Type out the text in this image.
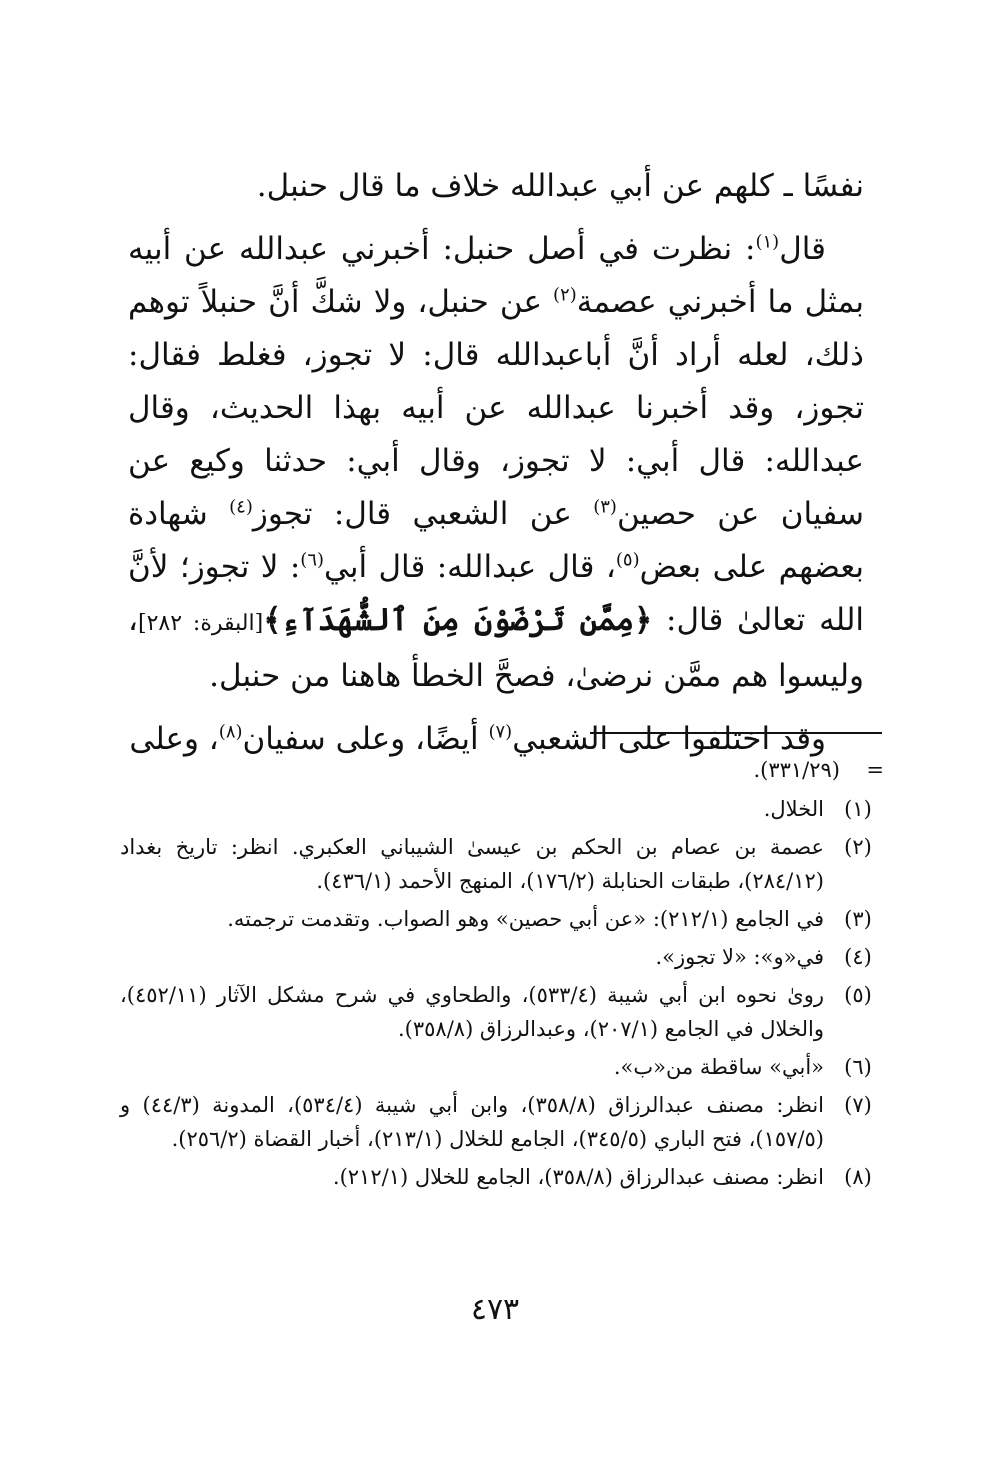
نفسًا ـ كلهم عن أبي عبدالله خلاف ما قال حنبل.

قال$^{(١)}$: نظرت في أصل حنبل: أخبرني عبدالله عن أبيه بمثل ما أخبرني عصمة$^{(٢)}$ عن حنبل، ولا شكَّ أنَّ حنبلاً توهم ذلك، لعله أراد أنَّ أباعبدالله قال: لا تجوز، فغلط فقال: تجوز، وقد أخبرنا عبدالله عن أبيه بهذا الحديث، وقال عبدالله: قال أبي: لا تجوز، وقال أبي: حدثنا وكيع عن سفيان عن حصين$^{(٣)}$ عن الشعبي قال: تجوز$^{(٤)}$ شهادة بعضهم على بعض$^{(٥)}$، قال عبدالله: قال أبي$^{(٦)}$: لا تجوز؛ لأنَّ الله تعالىٰ قال: ﴿مِمَّن تَرْضَوْنَ مِنَ ٱلشُّهَدَآءِ﴾[البقرة: ٢٨٢]، وليسوا هم ممَّن نرضىٰ، فصحَّ الخطأ هاهنا من حنبل.

وقد اختلفوا على الشعبي$^{(٧)}$ أيضًا، وعلى سفيان$^{(٨)}$، وعلى

=
(٣٣١/٢٩).
(١)
الخلال.
(٢)
عصمة بن عصام بن الحكم بن عيسىٰ الشيباني العكبري. انظر: تاريخ بغداد (٢٨٤/١٢)، طبقات الحنابلة (١٧٦/٢)، المنهج الأحمد (٤٣٦/١).
(٣)
في الجامع (٢١٢/١): «عن أبي حصين» وهو الصواب. وتقدمت ترجمته.
(٤)
في«و»: «لا تجوز».
(٥)
رویٰ نحوه ابن أبي شيبة (٥٣٣/٤)، والطحاوي في شرح مشكل الآثار (٤٥٢/١١)، والخلال في الجامع (٢٠٧/١)، وعبدالرزاق (٣٥٨/٨).
(٦)
«أبي» ساقطة من«ب».
(٧)
انظر: مصنف عبدالرزاق (٣٥٨/٨)، وابن أبي شيبة (٥٣٤/٤)، المدونة (٤٤/٣) و (١٥٧/٥)، فتح الباري (٣٤٥/٥)، الجامع للخلال (٢١٣/١)، أخبار القضاة (٢٥٦/٢).
(٨)
انظر: مصنف عبدالرزاق (٣٥٨/٨)، الجامع للخلال (٢١٢/١).
٤٧٣
